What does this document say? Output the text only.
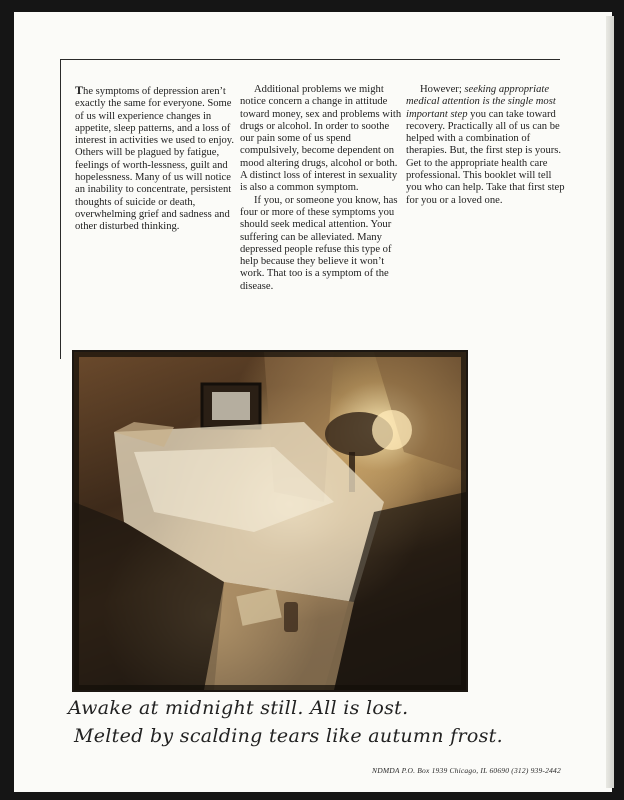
The symptoms of depression aren’t exactly the same for everyone. Some of us will experience changes in appetite, sleep patterns, and a loss of interest in activities we used to enjoy. Others will be plagued by fatigue, feelings of worth-lessness, guilt and hopelessness. Many of us will notice an inability to concentrate, persistent thoughts of suicide or death, overwhelming grief and sadness and other disturbed thinking.

Additional problems we might notice concern a change in attitude toward money, sex and problems with drugs or alcohol. In order to soothe our pain some of us spend compulsively, become dependent on mood altering drugs, alcohol or both. A distinct loss of interest in sexuality is also a common symptom.

If you, or someone you know, has four or more of these symptoms you should seek medical attention. Your suffering can be alleviated. Many depressed people refuse this type of help because they believe it won’t work. That too is a symptom of the disease.

However; seeking appropriate medical attention is the single most important step you can take toward recovery. Practically all of us can be helped with a combination of therapies. But, the first step is yours. Get to the appropriate health care professional. This booklet will tell you who can help. Take that first step for you or a loved one.

Awake at midnight still. All is lost.
Melted by scalding tears like autumn frost.
NDMDA P.O. Box 1939 Chicago, IL 60690 (312) 939-2442
